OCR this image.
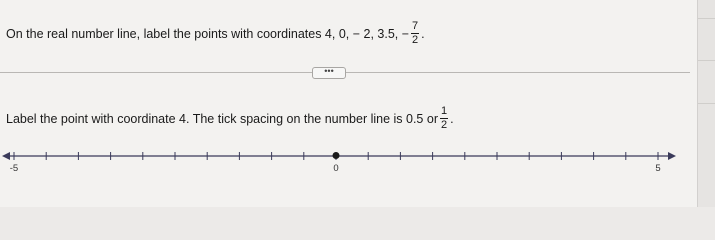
On the real number line, label the points with coordinates 4, 0, − 2, 3.5, − $\frac{7}{2}$ .
•••
Label the point with coordinate 4. The tick spacing on the number line is 0.5 or $\frac{1}{2}$ .
-5	0	5
